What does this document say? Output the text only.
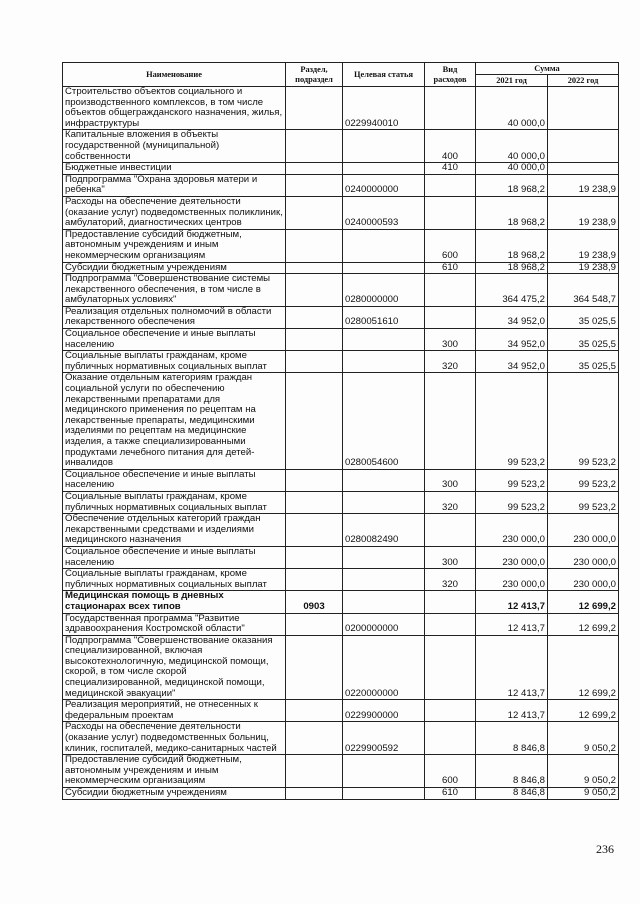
Наименование	Раздел, подраздел	Целевая статья	Вид расходов	Сумма	
				2021 год	2022 год
Строительство объектов социального и производственного комплексов, в том числе объектов общегражданского назначения, жилья, инфраструктуры		0229940010		40 000,0	
Капитальные вложения в объекты государственной (муниципальной) собственности			400	40 000,0	
Бюджетные инвестиции			410	40 000,0	
Подпрограмма "Охрана здоровья матери и ребенка"		0240000000		18 968,2	19 238,9
Расходы на обеспечение деятельности (оказание услуг) подведомственных поликлиник, амбулаторий, диагностических центров		0240000593		18 968,2	19 238,9
Предоставление субсидий бюджетным, автономным учреждениям и иным некоммерческим организациям			600	18 968,2	19 238,9
Субсидии бюджетным учреждениям			610	18 968,2	19 238,9
Подпрограмма "Совершенствование системы лекарственного обеспечения, в том числе в амбулаторных условиях"		0280000000		364 475,2	364 548,7
Реализация отдельных полномочий в области лекарственного обеспечения		0280051610		34 952,0	35 025,5
Социальное обеспечение и иные выплаты населению			300	34 952,0	35 025,5
Социальные выплаты гражданам, кроме публичных нормативных социальных выплат			320	34 952,0	35 025,5
Оказание отдельным категориям граждан социальной услуги по обеспечению лекарственными препаратами для медицинского применения по рецептам на лекарственные препараты, медицинскими изделиями по рецептам на медицинские изделия, а также специализированными продуктами лечебного питания для детей-инвалидов		0280054600		99 523,2	99 523,2
Социальное обеспечение и иные выплаты населению			300	99 523,2	99 523,2
Социальные выплаты гражданам, кроме публичных нормативных социальных выплат			320	99 523,2	99 523,2
Обеспечение отдельных категорий граждан лекарственными средствами и изделиями медицинского назначения		0280082490		230 000,0	230 000,0
Социальное обеспечение и иные выплаты населению			300	230 000,0	230 000,0
Социальные выплаты гражданам, кроме публичных нормативных социальных выплат			320	230 000,0	230 000,0
Медицинская помощь в дневных стационарах всех типов	0903			12 413,7	12 699,2
Государственная программа "Развитие здравоохранения Костромской области"		0200000000		12 413,7	12 699,2
Подпрограмма "Совершенствование оказания специализированной, включая высокотехнологичную, медицинской помощи, скорой, в том числе скорой специализированной, медицинской помощи, медицинской эвакуации"		0220000000		12 413,7	12 699,2
Реализация мероприятий, не отнесенных к федеральным проектам		0229900000		12 413,7	12 699,2
Расходы на обеспечение деятельности (оказание услуг) подведомственных больниц, клиник, госпиталей, медико-санитарных частей		0229900592		8 846,8	9 050,2
Предоставление субсидий бюджетным, автономным учреждениям и иным некоммерческим организациям			600	8 846,8	9 050,2
Субсидии бюджетным учреждениям			610	8 846,8	9 050,2
236
